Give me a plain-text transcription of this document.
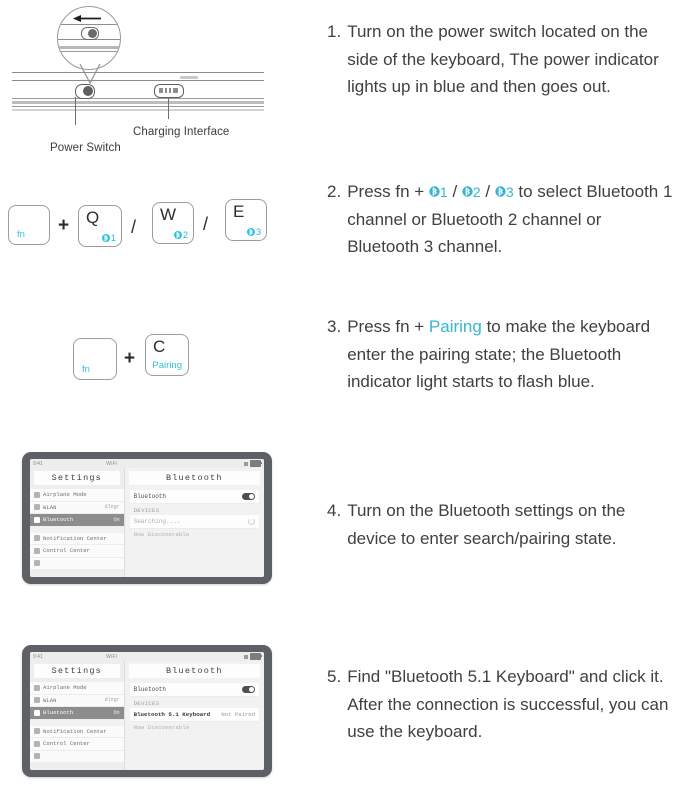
Power Switch
Charging Interface
fn + Q
1
/
W
2
/
E
3
fn
+
C
Pairing
9:41	WiFi
Settings
Airplane Mode
WLAN	dlngr
Bluetooth	On
Notification Center
Control Center
Bluetooth
Bluetooth
DEVICES
Searching....
Now Discoverable
9:41	WiFi
Settings
Airplane Mode
WLAN	dlngr
Bluetooth	On
Notification Center
Control Center
Bluetooth
Bluetooth
DEVICES
Bluetooth 5.1 Keyboard Not Paired
Now Discoverable
1. Turn on the power switch located on the side of the keyboard, The power indicator lights up in blue and then goes out.
2. Press fn + 1 / 2 / 3 to select Bluetooth 1 channel or Bluetooth 2 channel or Bluetooth 3 channel.
3. Press fn + Pairing to make the keyboard enter the pairing state; the Bluetooth indicator light starts to flash blue.
4. Turn on the Bluetooth settings on the device to enter search/pairing state.
5. Find "Bluetooth 5.1 Keyboard" and click it. After the connection is successful, you can use the keyboard.
